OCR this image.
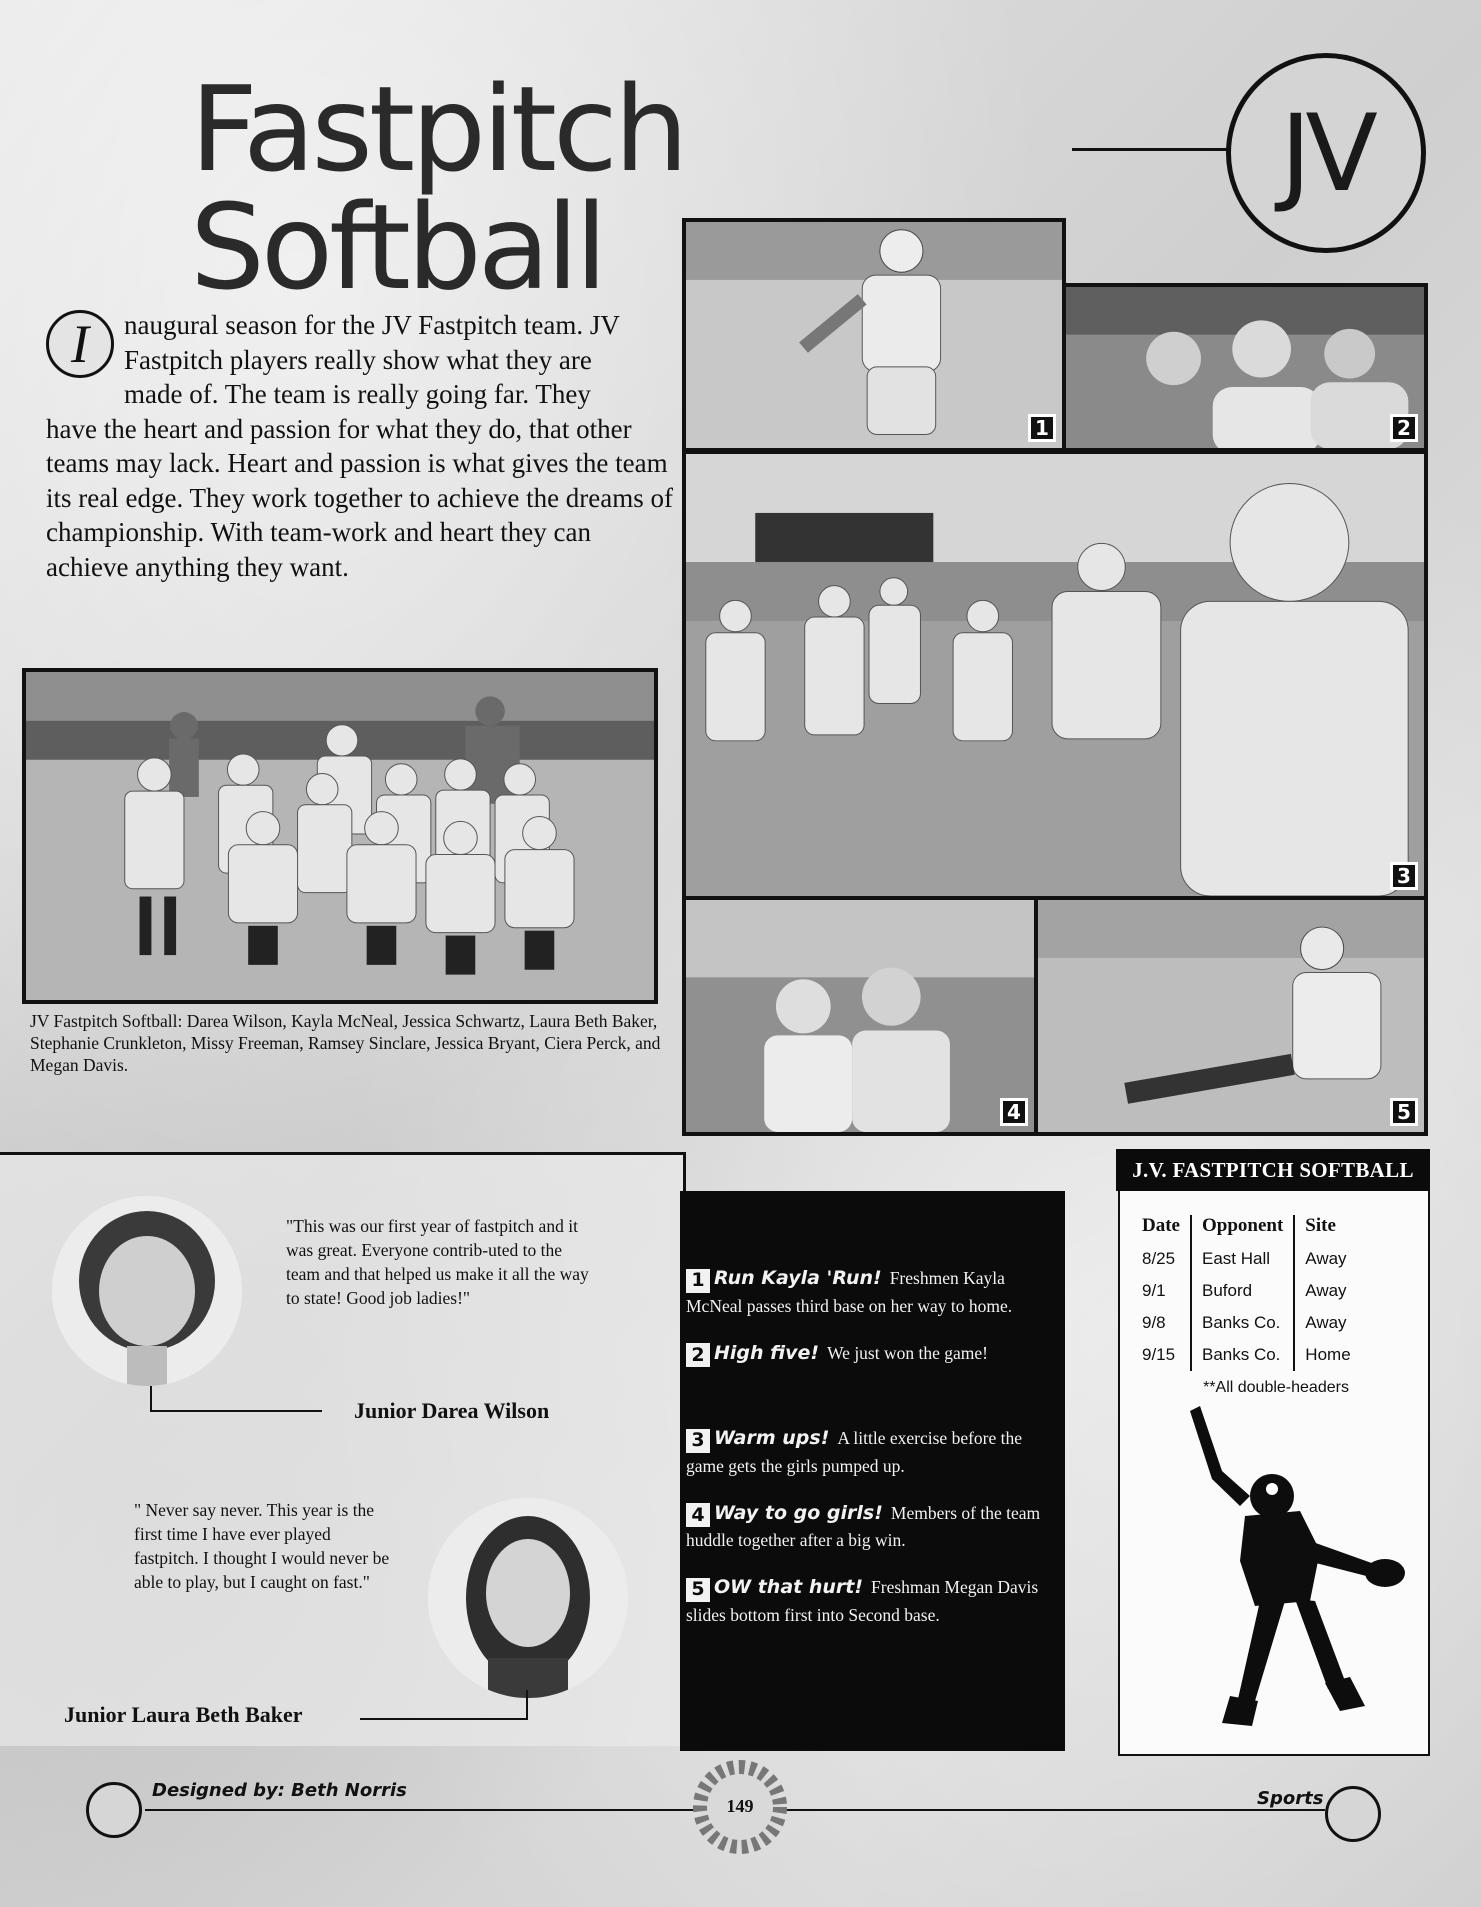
Fastpitch Softball
JV
I	naugural season for the JV Fastpitch team. JV
Fastpitch players really show what they are
made of. The team is really going far. They
have the heart and passion for what they do, that other teams may lack. Heart and passion is what gives the team its real edge. They work together to achieve the dreams of championship. With team-work and heart they can achieve anything they want.
JV Fastpitch Softball: Darea Wilson, Kayla McNeal, Jessica Schwartz, Laura Beth Baker, Stephanie Crunkleton, Missy Freeman, Ramsey Sinclare, Jessica Bryant, Ciera Perck, and Megan Davis.
1	2
3
4	5
"This was our first year of fastpitch and it was great. Everyone contrib-uted to the team and that helped us make it all the way to state! Good job ladies!"
Junior Darea Wilson
" Never say never. This year is the first time I have ever played fastpitch. I thought I would never be able to play, but I caught on fast."
Junior Laura Beth Baker
1 Run Kayla 'Run! Freshmen Kayla McNeal passes third base on her way to home.
2 High five! We just won the game!
3 Warm ups! A little exercise before the game gets the girls pumped up.
4 Way to go girls! Members of the team huddle together after a big win.
5 OW that hurt! Freshman Megan Davis slides bottom first into Second base.
J.V. FASTPITCH SOFTBALL
Date	Opponent	Site
8/25	East Hall	Away
9/1	Buford	Away
9/8	Banks Co.	Away
9/15	Banks Co.	Home
**All double-headers
Designed by: Beth Norris	Sports
149
